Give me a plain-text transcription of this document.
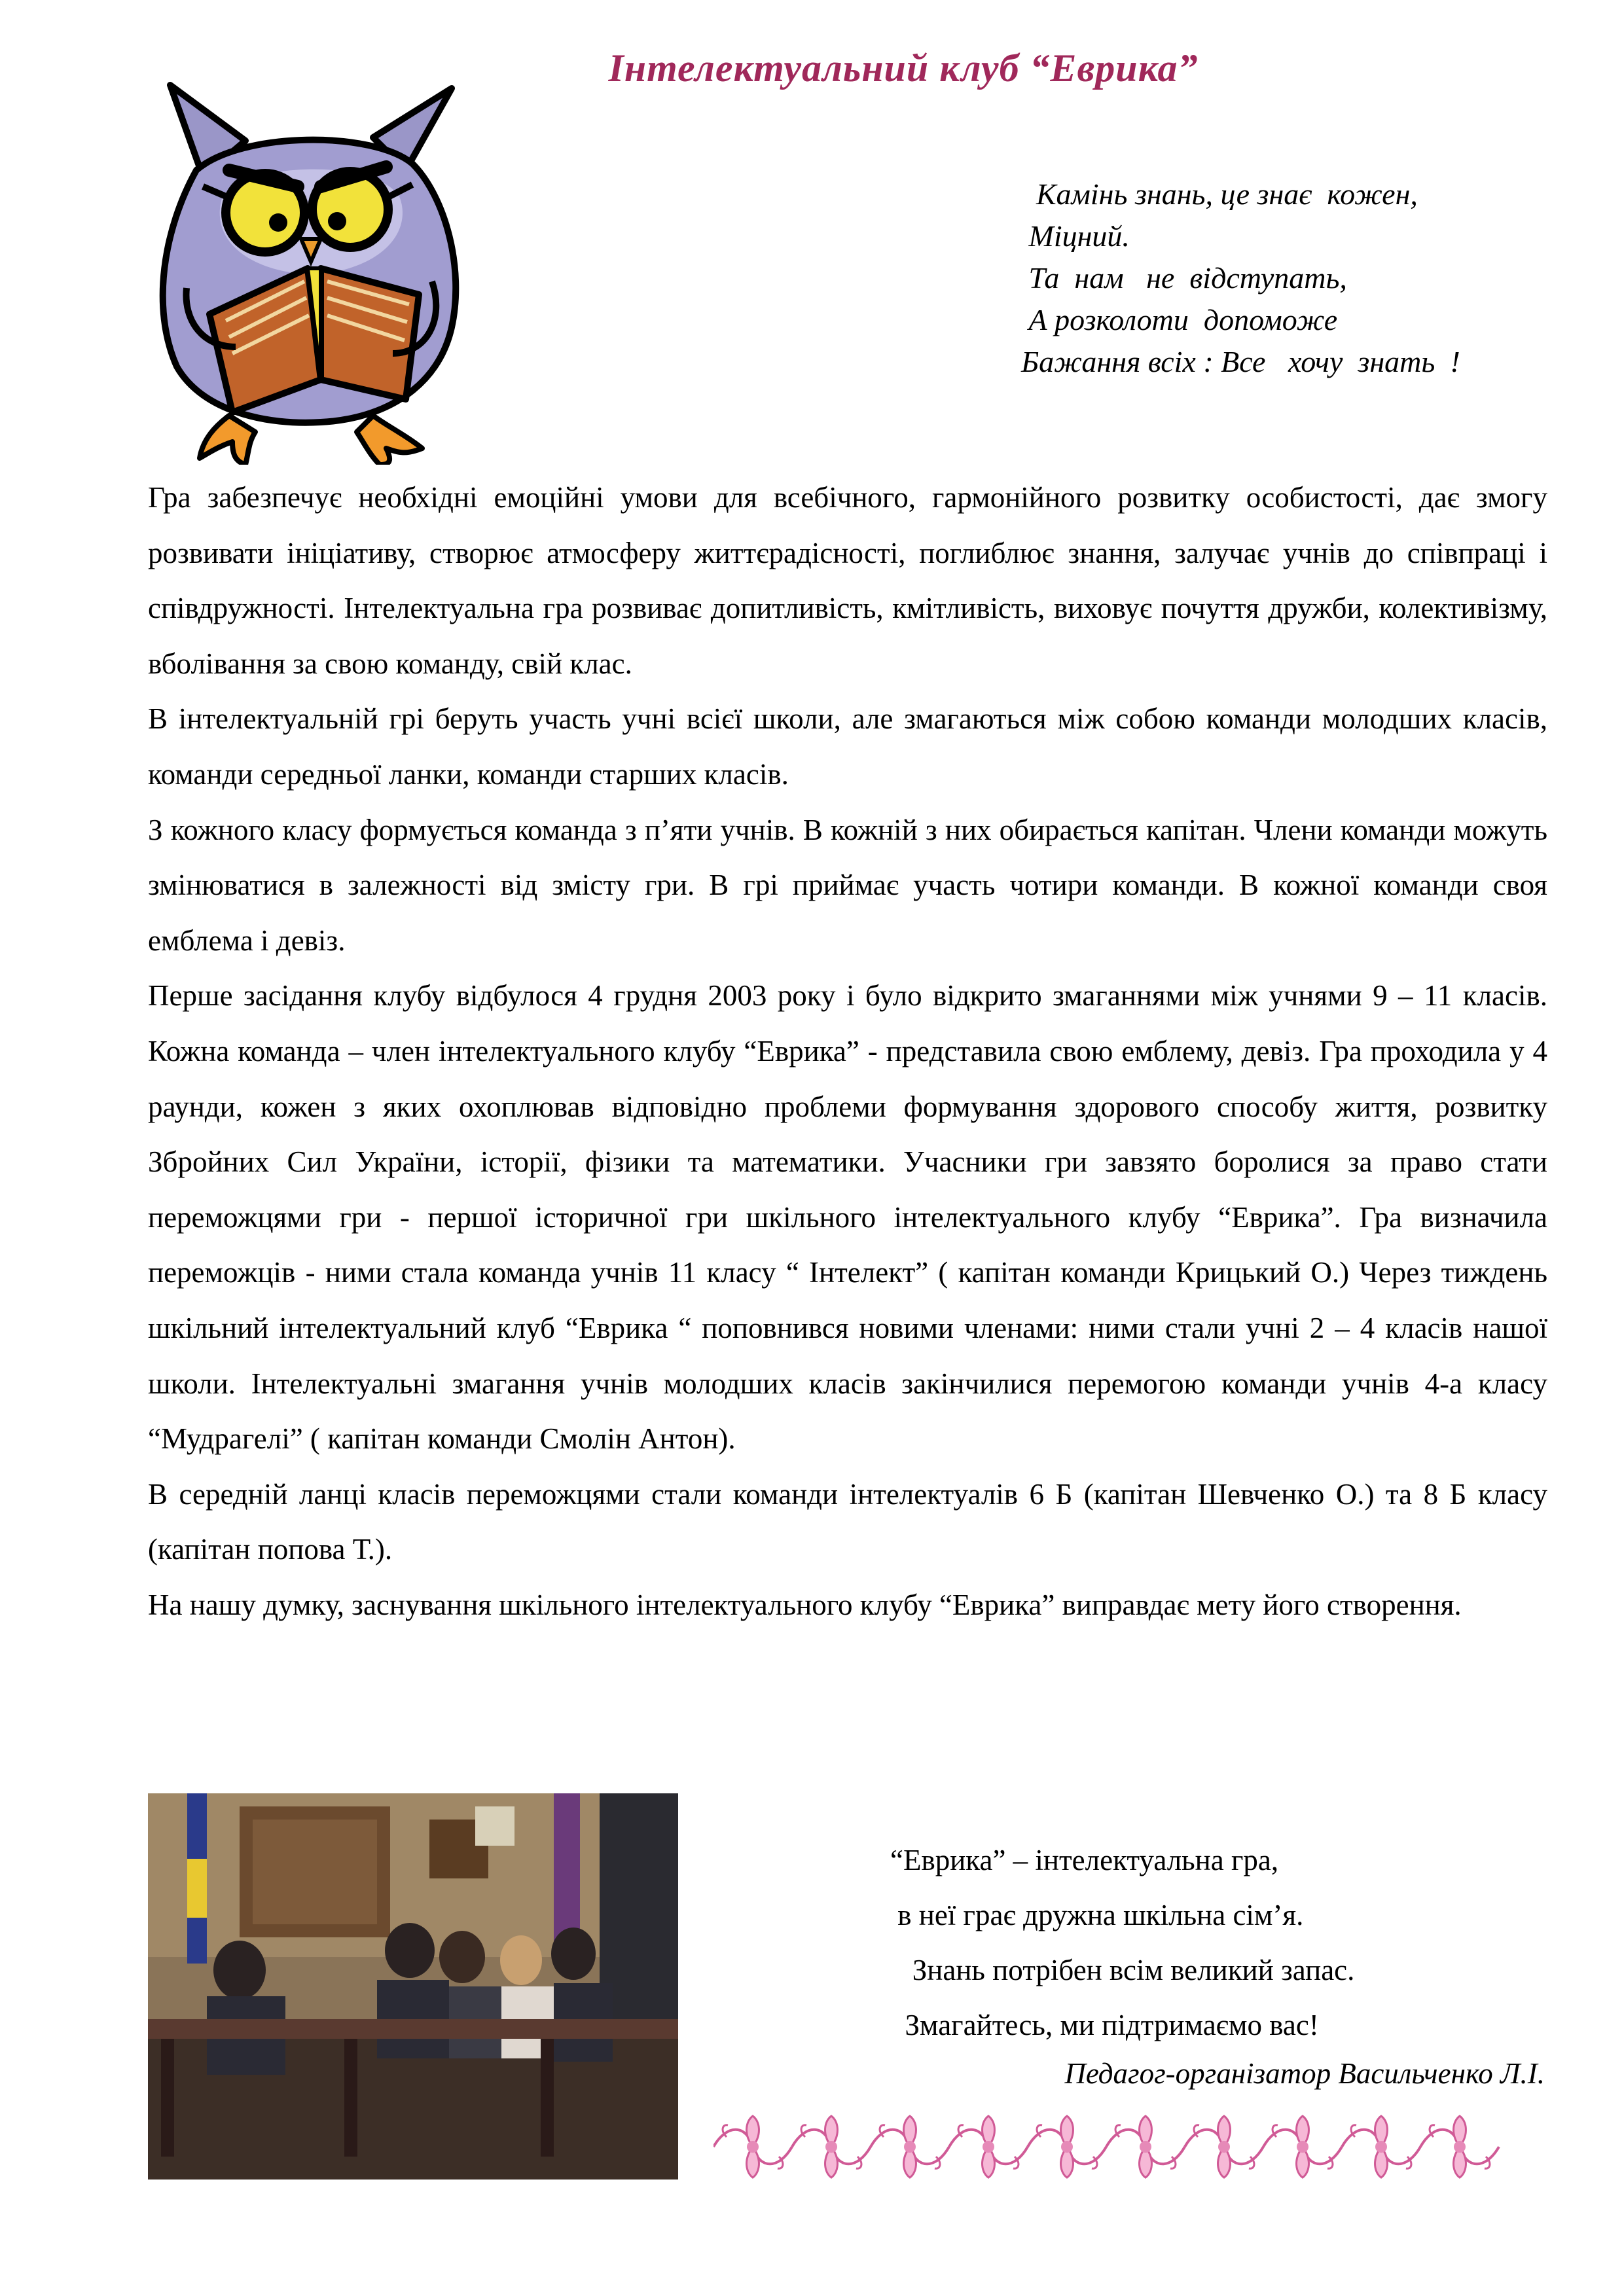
Інтелектуальний клуб “Еврика”
Камінь знань, це знає  кожен,
Міцний.
Та  нам   не  відступать,
А розколоти  допоможе
Бажання всіх : Все   хочу  знать  !

Гра забезпечує необхідні емоційні умови для всебічного, гармонійного розвитку особистості, дає змогу розвивати ініціативу, створює атмосферу життєрадісності, поглиблює знання, залучає учнів до співпраці і співдружності. Інтелектуальна гра розвиває допитливість, кмітливість, виховує почуття дружби, колективізму, вболівання за свою команду, свій клас.

В інтелектуальній грі беруть участь учні всієї школи, але змагаються між собою команди молодших класів, команди середньої ланки, команди старших класів.

З кожного класу формується команда з п’яти учнів. В кожній з них обирається капітан. Члени команди можуть змінюватися в залежності від змісту гри. В грі приймає участь чотири команди. В кожної команди своя емблема і девіз.

Перше засідання клубу відбулося 4 грудня 2003 року і було відкрито змаганнями між учнями 9 – 11 класів. Кожна команда – член інтелектуального клубу “Еврика” - представила свою емблему, девіз. Гра проходила у 4 раунди, кожен з яких охоплював відповідно проблеми формування здорового способу життя, розвитку Збройних Сил України, історії, фізики та математики. Учасники гри завзято боролися за право стати переможцями гри - першої історичної гри шкільного інтелектуального клубу “Еврика”. Гра визначила переможців - ними стала команда учнів 11 класу “ Інтелект” ( капітан команди Крицький О.) Через тиждень шкільний інтелектуальний клуб “Еврика “ поповнився новими членами: ними стали учні 2 – 4 класів нашої школи. Інтелектуальні змагання учнів молодших класів закінчилися перемогою команди учнів 4-а класу “Мудрагелі” ( капітан команди Смолін Антон).

В середній ланці класів переможцями стали команди інтелектуалів 6 Б (капітан Шевченко О.) та 8 Б класу (капітан попова Т.).

На нашу думку, заснування шкільного інтелектуального клубу “Еврика” виправдає мету його створення.

“Еврика” – інтелектуальна гра,
в неї грає дружна шкільна сім’я.
Знань потрібен всім великий запас.
Змагайтесь, ми підтримаємо вас!
Педагог-організатор Васильченко Л.І.
